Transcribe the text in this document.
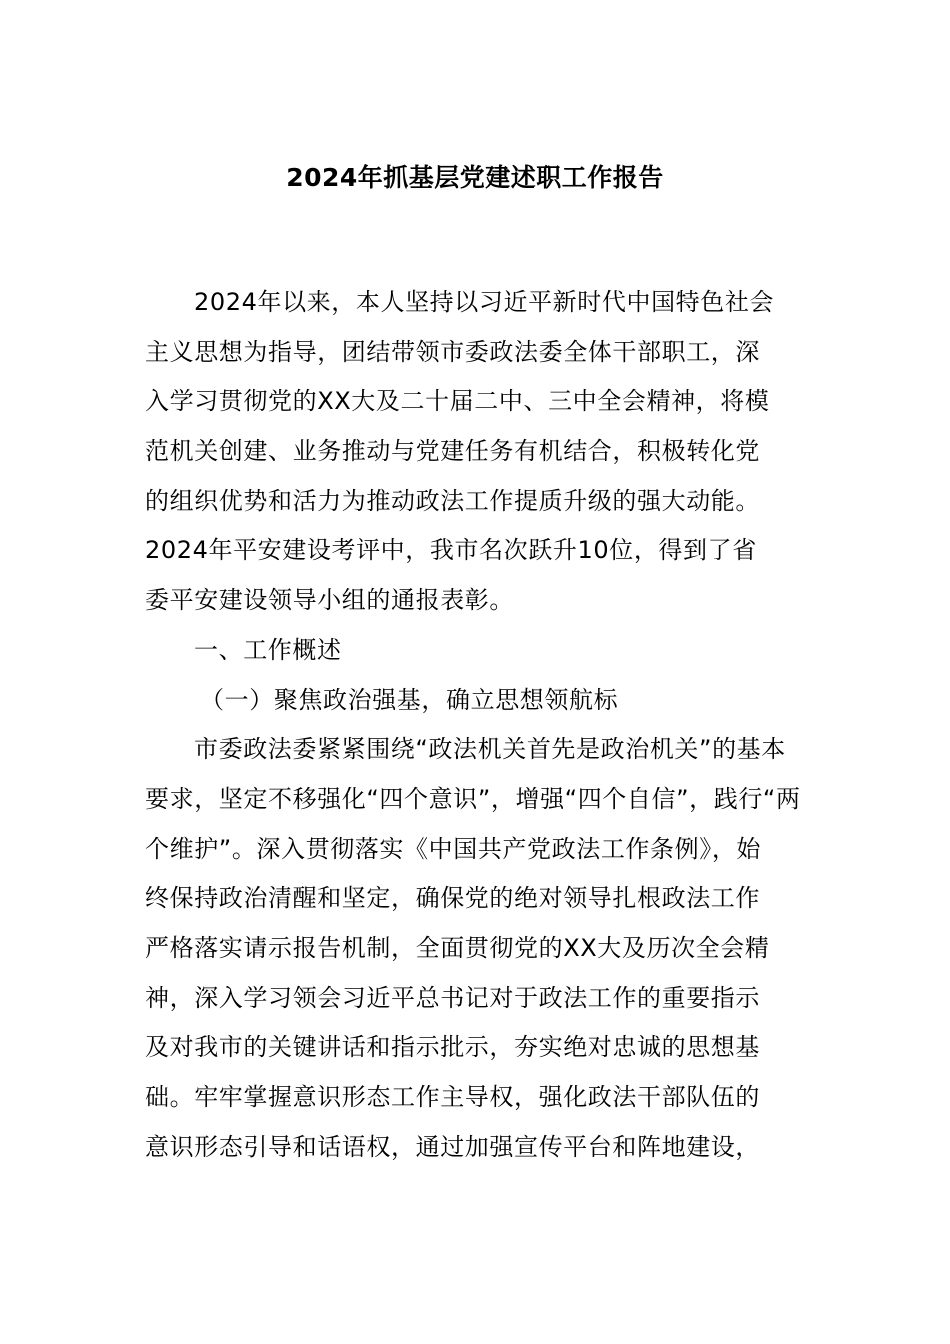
2024年抓基层党建述职工作报告
2024年以来，本人坚持以习近平新时代中国特色社会
主义思想为指导，团结带领市委政法委全体干部职工，深
入学习贯彻党的XX大及二十届二中、三中全会精神，将模
范机关创建、业务推动与党建任务有机结合，积极转化党
的组织优势和活力为推动政法工作提质升级的强大动能。
2024年平安建设考评中，我市名次跃升10位，得到了省
委平安建设领导小组的通报表彰。
一、工作概述
（一）聚焦政治强基，确立思想领航标
市委政法委紧紧围绕“政法机关首先是政治机关”的基本
要求，坚定不移强化“四个意识”，增强“四个自信”，践行“两
个维护”。深入贯彻落实《中国共产党政法工作条例》，始
终保持政治清醒和坚定，确保党的绝对领导扎根政法工作
严格落实请示报告机制，全面贯彻党的XX大及历次全会精
神，深入学习领会习近平总书记对于政法工作的重要指示
及对我市的关键讲话和指示批示，夯实绝对忠诚的思想基
础。牢牢掌握意识形态工作主导权，强化政法干部队伍的
意识形态引导和话语权，通过加强宣传平台和阵地建设，
